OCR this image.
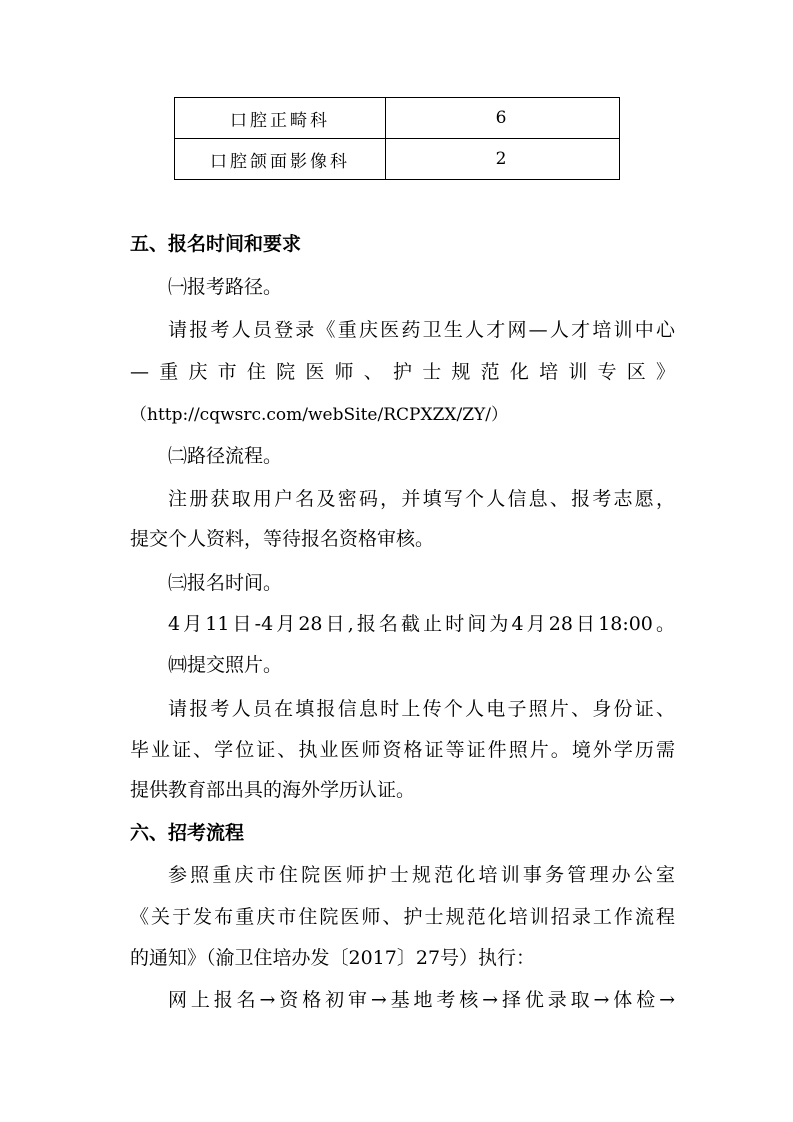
口腔正畸科	6
口腔颌面影像科	2
五、报名时间和要求
㈠报考路径。
请报考人员登录《重庆医药卫生人才网—人才培训中心
—重庆市住院医师、护士规范化培训专区》
（http://cqwsrc.com/webSite/RCPXZX/ZY/）
㈡路径流程。
注册获取用户名及密码，并填写个人信息、报考志愿，
提交个人资料，等待报名资格审核。
㈢报名时间。
4月11日-4月28日,报名截止时间为4月28日18:00。
㈣提交照片。
请报考人员在填报信息时上传个人电子照片、身份证、
毕业证、学位证、执业医师资格证等证件照片。境外学历需
提供教育部出具的海外学历认证。
六、招考流程
参照重庆市住院医师护士规范化培训事务管理办公室
《关于发布重庆市住院医师、护士规范化培训招录工作流程
的通知》（渝卫住培办发〔2017〕27号）执行：
网上报名→资格初审→基地考核→择优录取→体检→
